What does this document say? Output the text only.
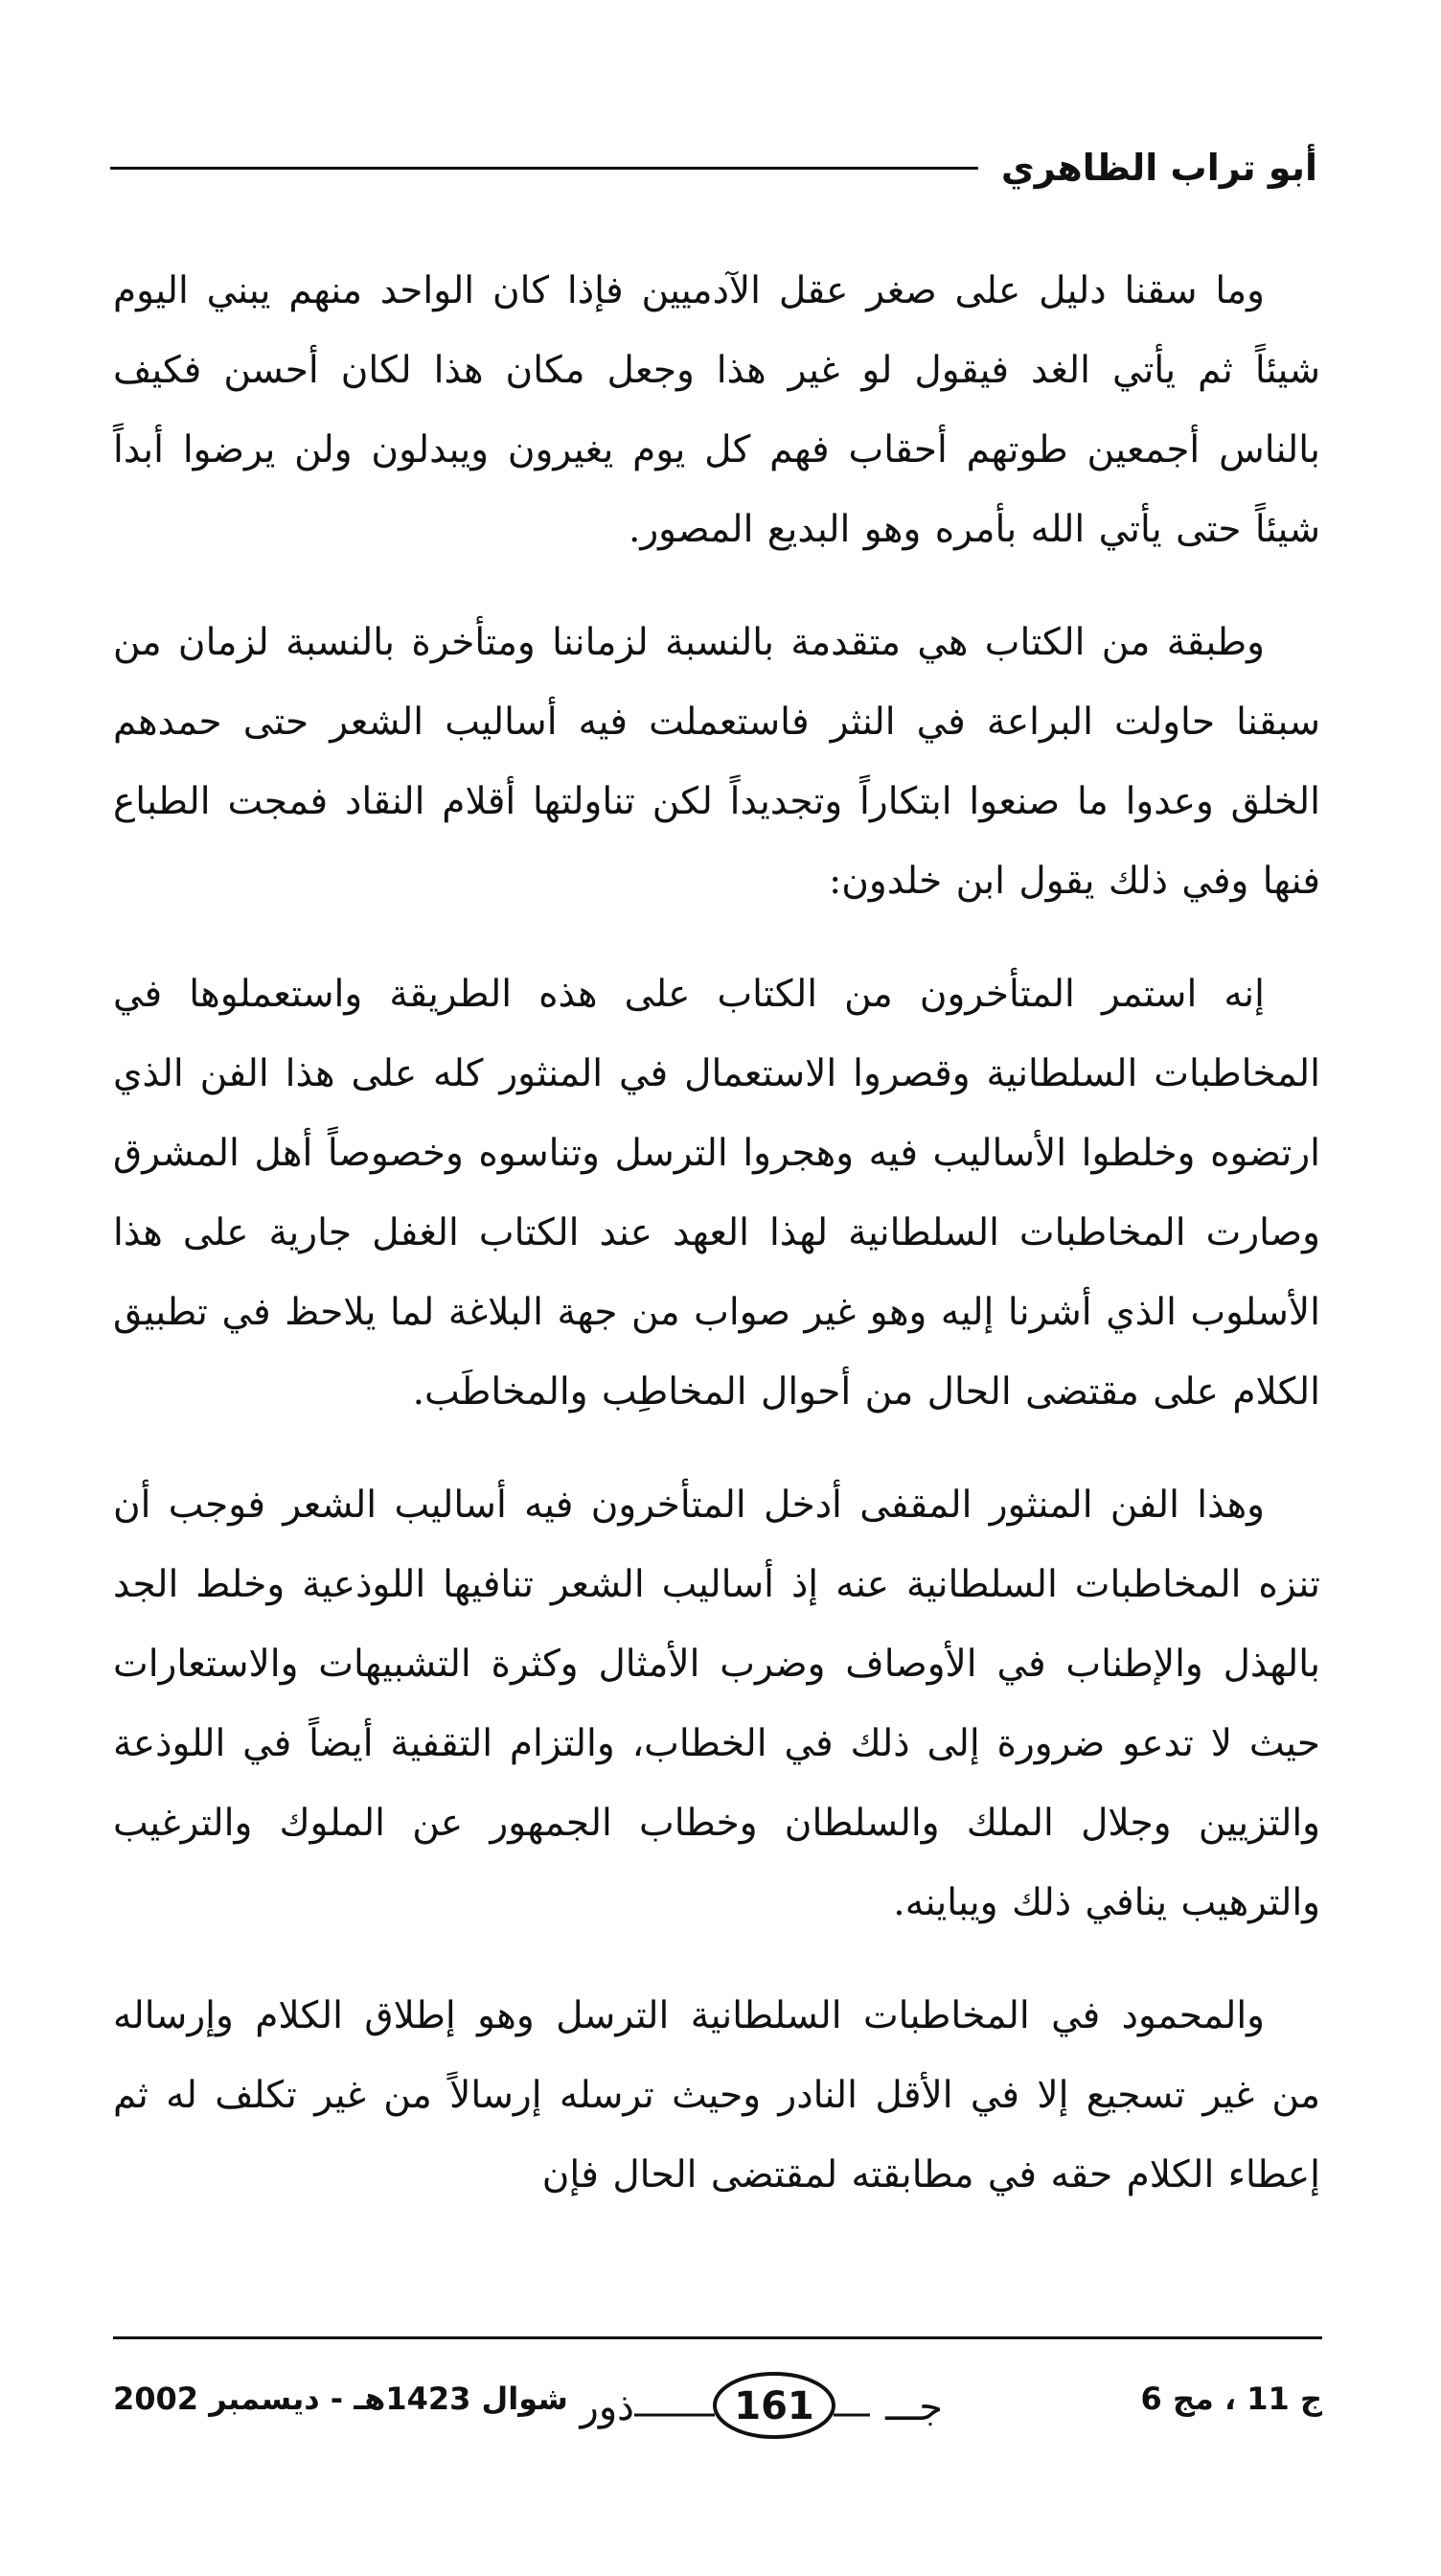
أبو تراب الظاهري

وما سقنا دليل على صغر عقل الآدميين فإذا كان الواحد منهم يبني اليوم شيئاً ثم يأتي الغد فيقول لو غير هذا وجعل مكان هذا لكان أحسن فكيف بالناس أجمعين طوتهم أحقاب فهم كل يوم يغيرون ويبدلون ولن يرضوا أبداً شيئاً حتى يأتي الله بأمره وهو البديع المصور.

وطبقة من الكتاب هي متقدمة بالنسبة لزماننا ومتأخرة بالنسبة لزمان من سبقنا حاولت البراعة في النثر فاستعملت فيه أساليب الشعر حتى حمدهم الخلق وعدوا ما صنعوا ابتكاراً وتجديداً لكن تناولتها أقلام النقاد فمجت الطباع فنها وفي ذلك يقول ابن خلدون:

إنه استمر المتأخرون من الكتاب على هذه الطريقة واستعملوها في المخاطبات السلطانية وقصروا الاستعمال في المنثور كله على هذا الفن الذي ارتضوه وخلطوا الأساليب فيه وهجروا الترسل وتناسوه وخصوصاً أهل المشرق وصارت المخاطبات السلطانية لهذا العهد عند الكتاب الغفل جارية على هذا الأسلوب الذي أشرنا إليه وهو غير صواب من جهة البلاغة لما يلاحظ في تطبيق الكلام على مقتضى الحال من أحوال المخاطِب والمخاطَب.

وهذا الفن المنثور المقفى أدخل المتأخرون فيه أساليب الشعر فوجب أن تنزه المخاطبات السلطانية عنه إذ أساليب الشعر تنافيها اللوذعية وخلط الجد بالهذل والإطناب في الأوصاف وضرب الأمثال وكثرة التشبيهات والاستعارات حيث لا تدعو ضرورة إلى ذلك في الخطاب، والتزام التقفية أيضاً في اللوذعة والتزيين وجلال الملك والسلطان وخطاب الجمهور عن الملوك والترغيب والترهيب ينافي ذلك ويباينه.

والمحمود في المخاطبات السلطانية الترسل وهو إطلاق الكلام وإرساله من غير تسجيع إلا في الأقل النادر وحيث ترسله إرسالاً من غير تكلف له ثم إعطاء الكلام حقه في مطابقته لمقتضى الحال فإن

ج 11 ، مج 6
161
ذور	جـــ
شوال 1423هـ - ديسمبر 2002
